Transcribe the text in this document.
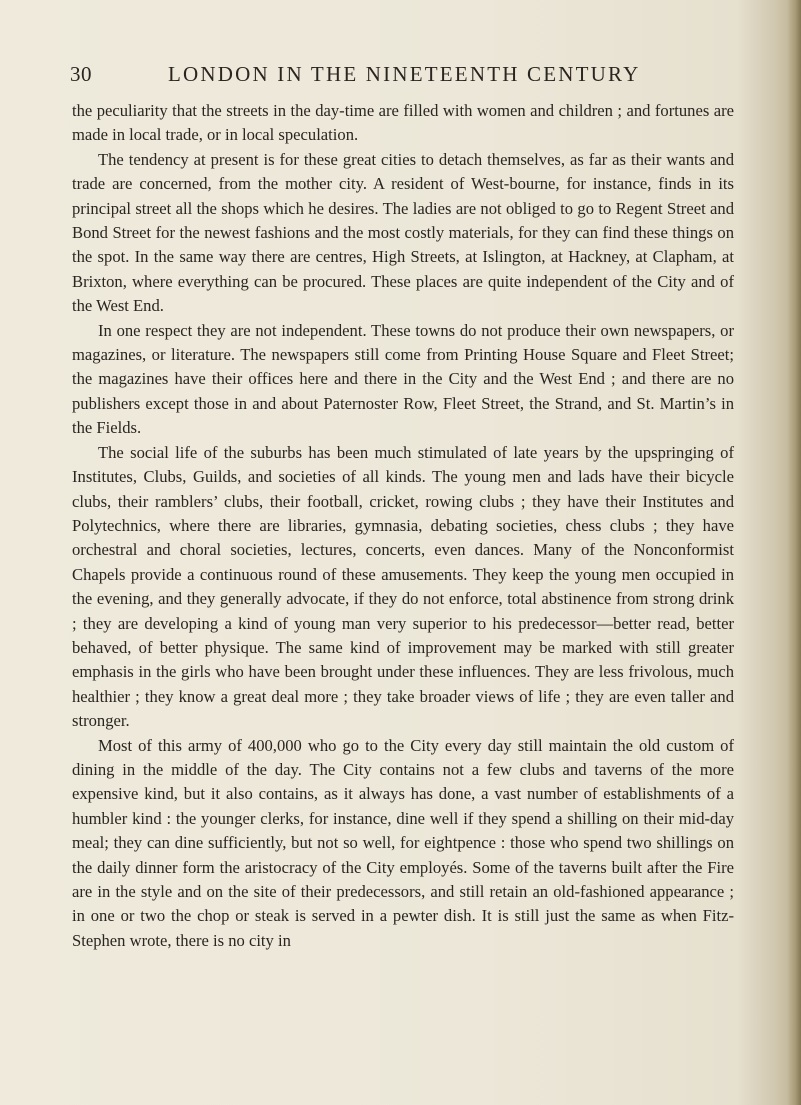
30	LONDON IN THE NINETEENTH CENTURY

the peculiarity that the streets in the day-time are filled with women and children ; and fortunes are made in local trade, or in local speculation.

The tendency at present is for these great cities to detach themselves, as far as their wants and trade are concerned, from the mother city. A resident of West-bourne, for instance, finds in its principal street all the shops which he desires. The ladies are not obliged to go to Regent Street and Bond Street for the newest fashions and the most costly materials, for they can find these things on the spot. In the same way there are centres, High Streets, at Islington, at Hackney, at Clapham, at Brixton, where everything can be procured. These places are quite independent of the City and of the West End.

In one respect they are not independent. These towns do not produce their own newspapers, or magazines, or literature. The newspapers still come from Printing House Square and Fleet Street; the magazines have their offices here and there in the City and the West End ; and there are no publishers except those in and about Paternoster Row, Fleet Street, the Strand, and St. Martin’s in the Fields.

The social life of the suburbs has been much stimulated of late years by the upspringing of Institutes, Clubs, Guilds, and societies of all kinds. The young men and lads have their bicycle clubs, their ramblers’ clubs, their football, cricket, rowing clubs ; they have their Institutes and Polytechnics, where there are libraries, gymnasia, debating societies, chess clubs ; they have orchestral and choral societies, lectures, concerts, even dances. Many of the Nonconformist Chapels provide a continuous round of these amusements. They keep the young men occupied in the evening, and they generally advocate, if they do not enforce, total abstinence from strong drink ; they are developing a kind of young man very superior to his predecessor—better read, better behaved, of better physique. The same kind of improvement may be marked with still greater emphasis in the girls who have been brought under these influences. They are less frivolous, much healthier ; they know a great deal more ; they take broader views of life ; they are even taller and stronger.

Most of this army of 400,000 who go to the City every day still maintain the old custom of dining in the middle of the day. The City contains not a few clubs and taverns of the more expensive kind, but it also contains, as it always has done, a vast number of establishments of a humbler kind : the younger clerks, for instance, dine well if they spend a shilling on their mid-day meal; they can dine sufficiently, but not so well, for eightpence : those who spend two shillings on the daily dinner form the aristocracy of the City employés. Some of the taverns built after the Fire are in the style and on the site of their predecessors, and still retain an old-fashioned appearance ; in one or two the chop or steak is served in a pewter dish. It is still just the same as when Fitz-Stephen wrote, there is no city in
